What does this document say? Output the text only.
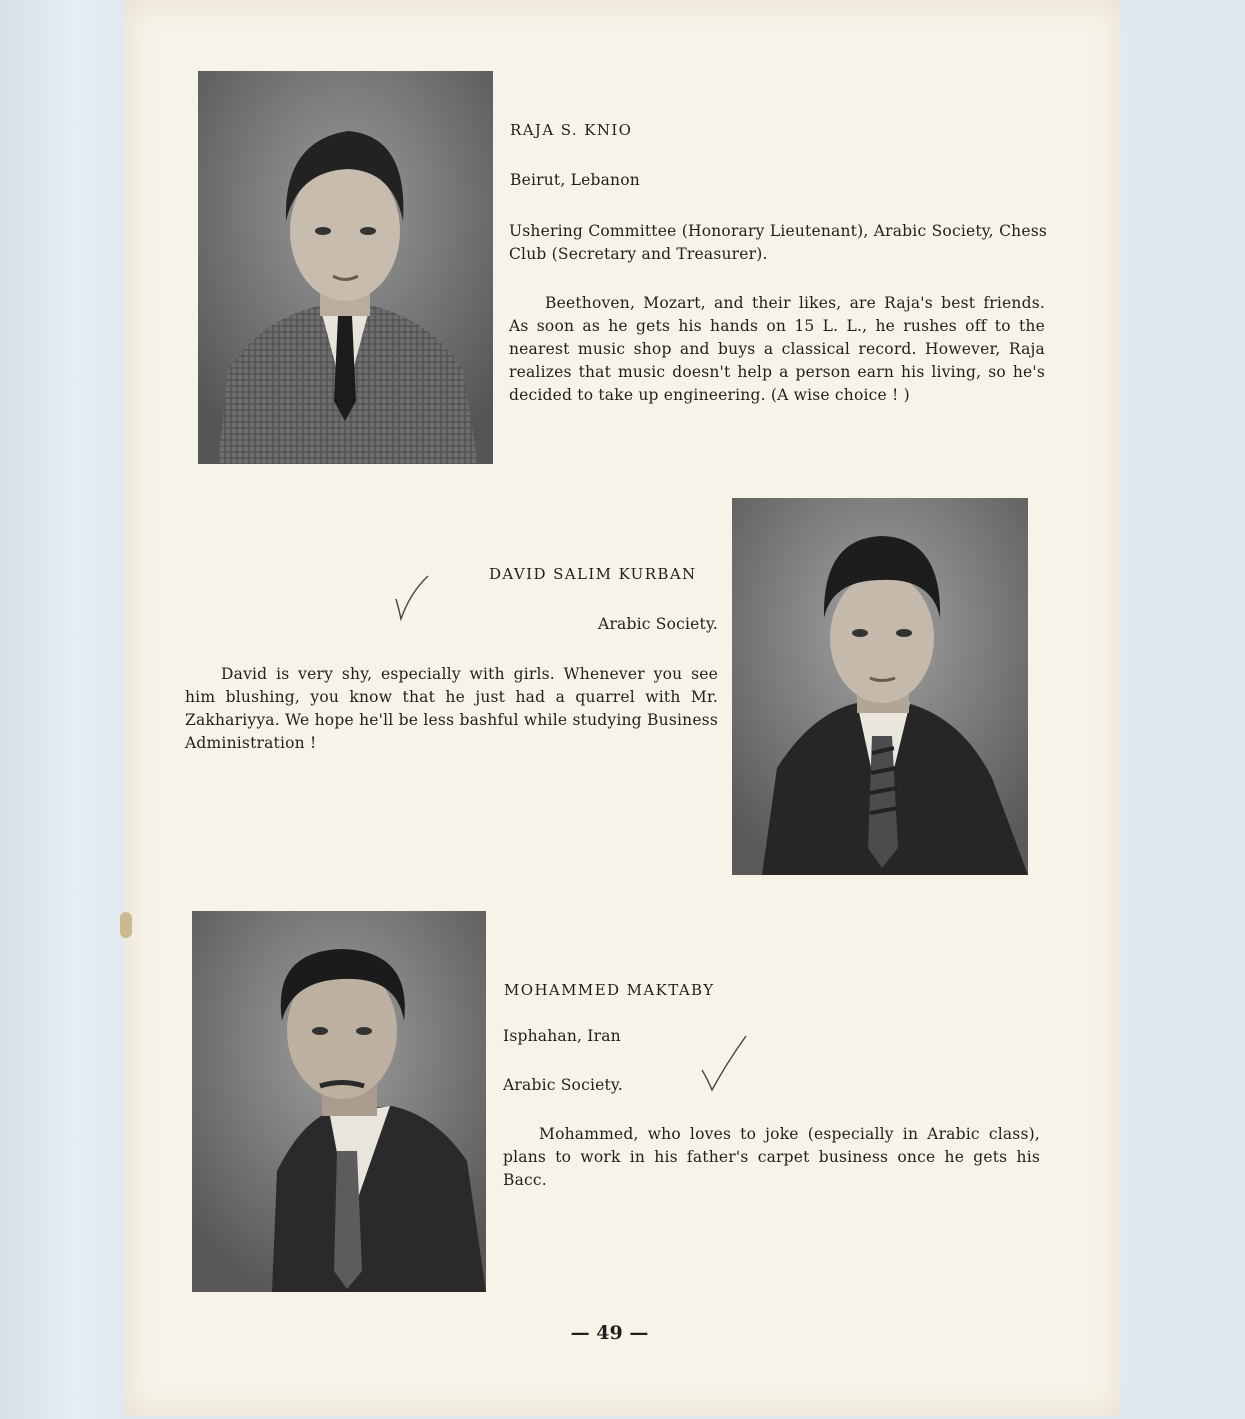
RAJA S. KNIO
Beirut, Lebanon
Ushering Committee (Honorary Lieutenant), Arabic Society, Chess Club (Secretary and Treasurer).
Beethoven, Mozart, and their likes, are Raja's best friends. As soon as he gets his hands on 15 L. L., he rushes off to the nearest music shop and buys a classical record. However, Raja realizes that music doesn't help a person earn his living, so he's decided to take up engineering. (A wise choice ! )
DAVID SALIM KURBAN
Arabic Society.
David is very shy, especially with girls. Whenever you see him blushing, you know that he just had a quarrel with Mr. Zakhariyya. We hope he'll be less bashful while studying Business Administration !
MOHAMMED MAKTABY
Isphahan, Iran
Arabic Society.
Mohammed, who loves to joke (especially in Arabic class), plans to work in his father's carpet business once he gets his Bacc.
— 49 —
